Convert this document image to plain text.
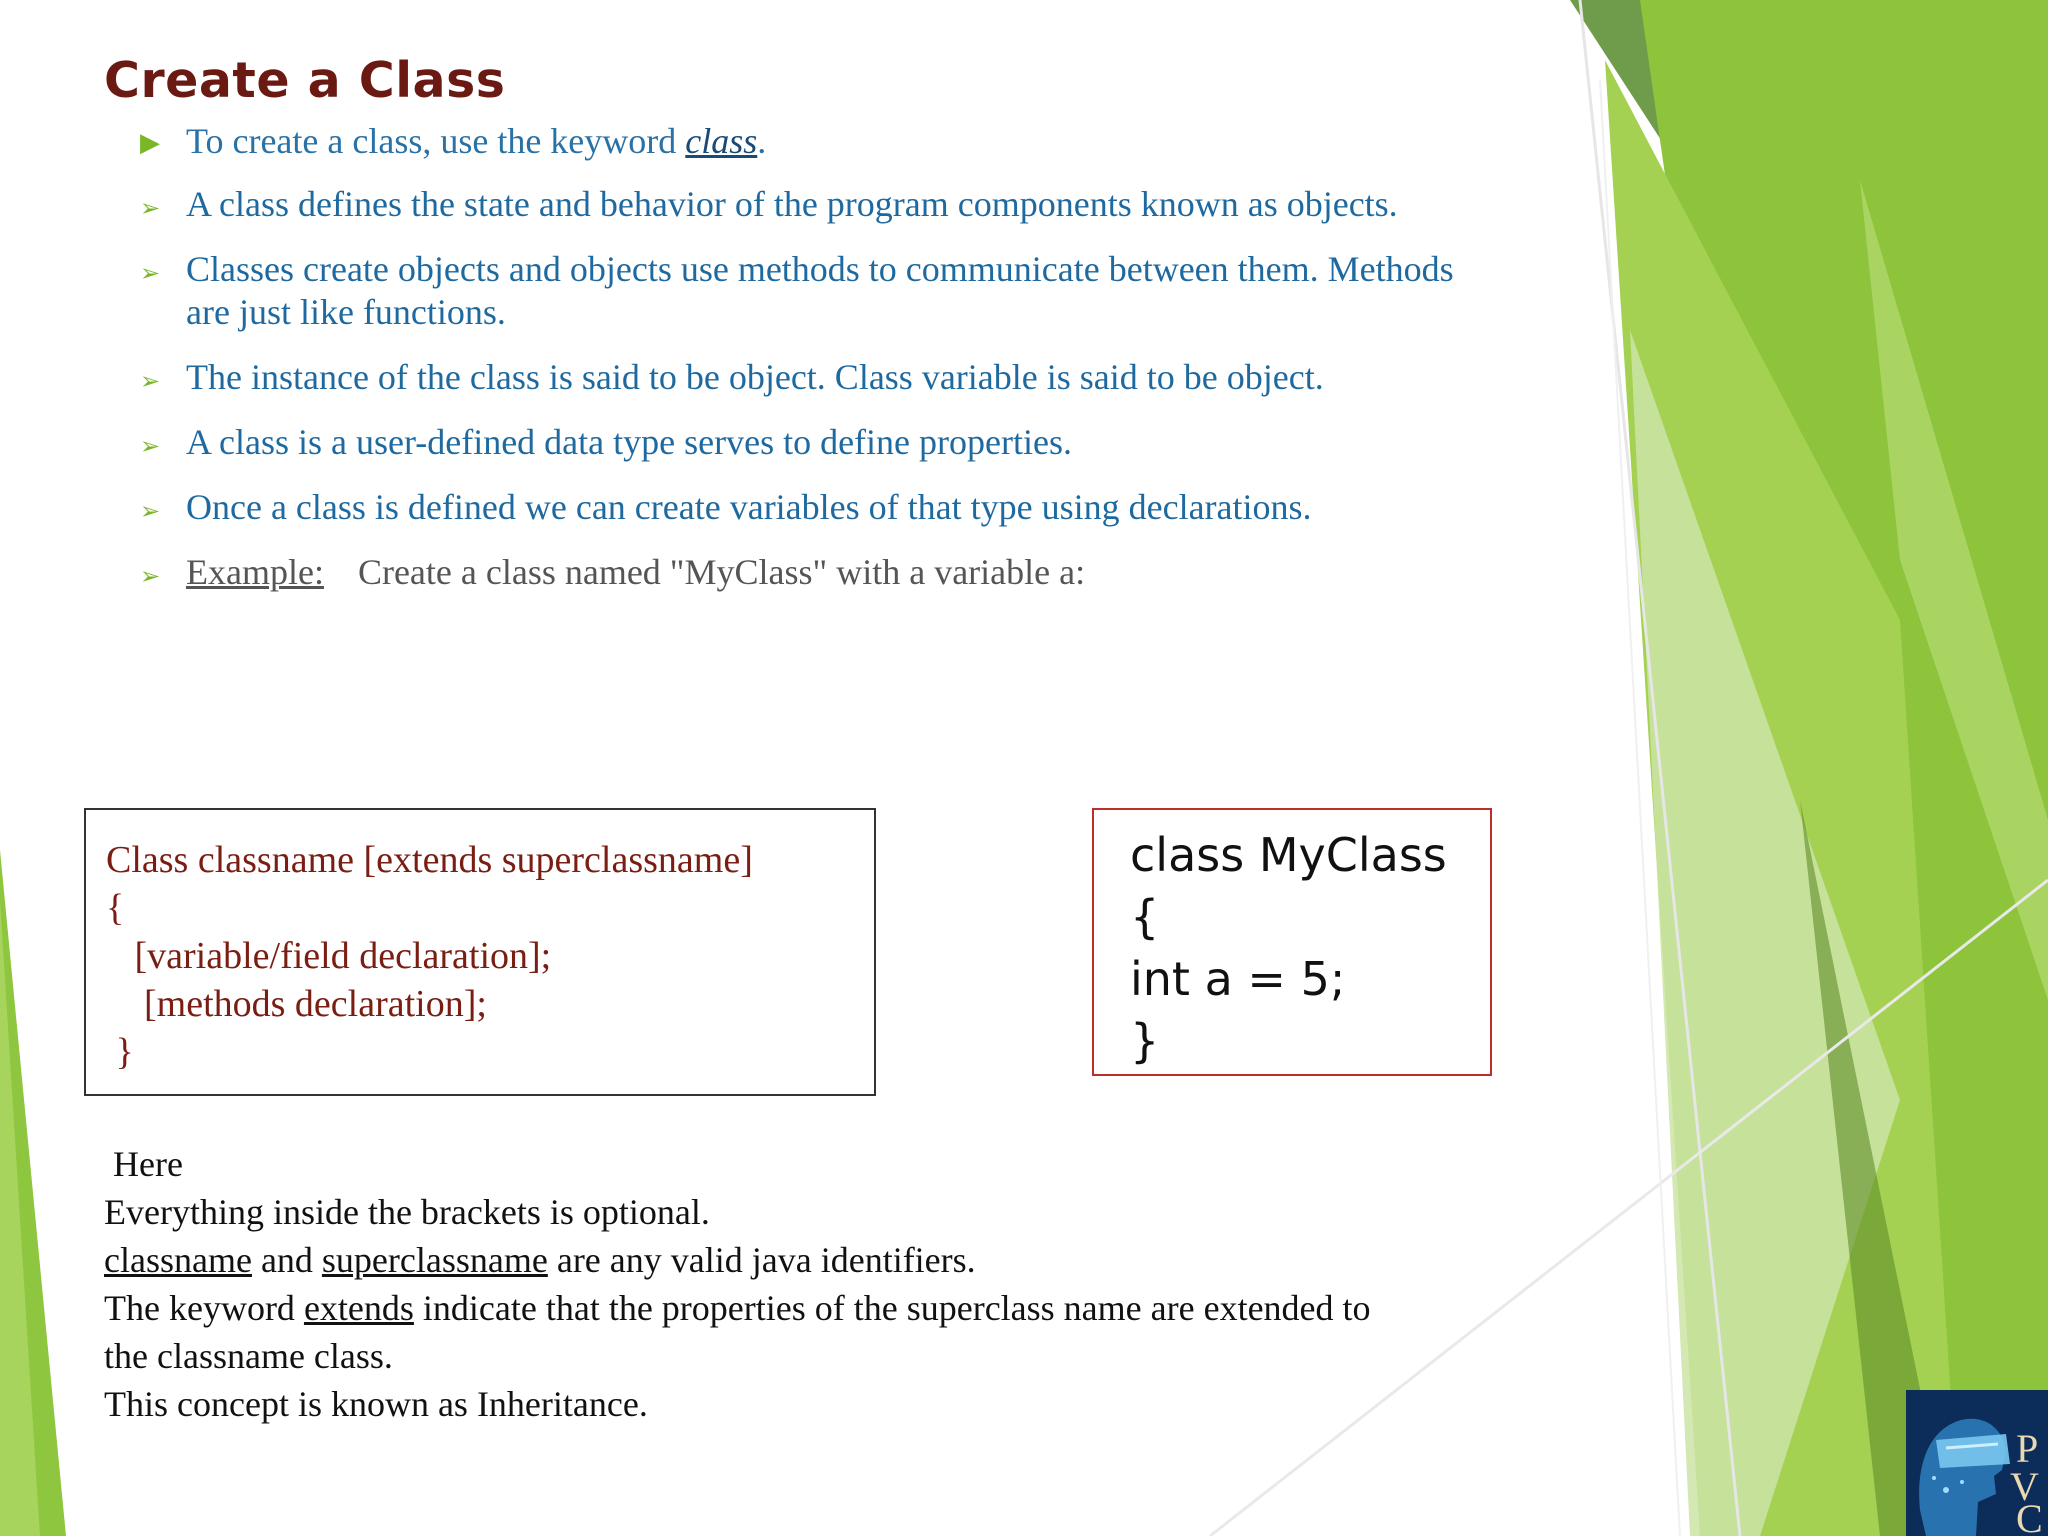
Create a Class
▶ To create a class, use the keyword class.
➢ A class defines the state and behavior of the program components known as objects.
➢ Classes create objects and objects use methods to communicate between them. Methods are just like functions.
➢ The instance of the class is said to be object. Class variable is said to be object.
➢ A class is a user-defined data type serves to define properties.
➢ Once a class is defined we can create variables of that type using declarations.
➢ Example: Create a class named "MyClass" with a variable a:
Class classname [extends superclassname]
{
[variable/field declaration];
[methods declaration];
}
class MyClass
{
int a = 5;
}
Here
Everything inside the brackets is optional.
classname and superclassname are any valid java identifiers.
The keyword extends indicate that the properties of the superclass name are extended to the classname class.
This concept is known as Inheritance.
P
V
C
